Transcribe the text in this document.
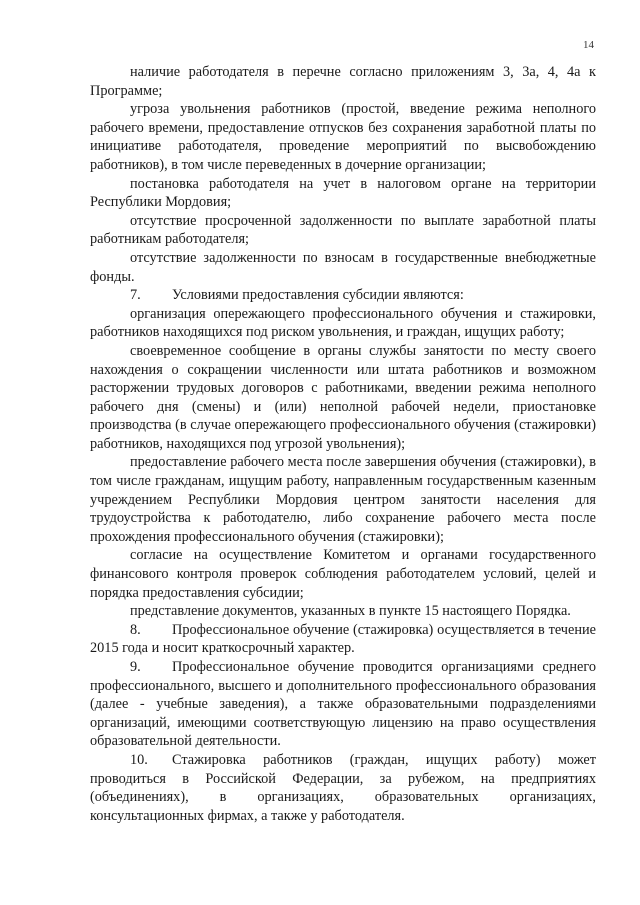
14

наличие работодателя в перечне согласно приложениям 3, 3а, 4, 4а к Программе;

угроза увольнения работников (простой, введение режима неполного рабочего времени, предоставление отпусков без сохранения заработной платы по инициативе работодателя, проведение мероприятий по высвобождению работников), в том числе переведенных в дочерние организации;

постановка работодателя на учет в налоговом органе на территории Республики Мордовия;

отсутствие просроченной задолженности по выплате заработной платы работникам работодателя;

отсутствие задолженности по взносам в государственные внебюджетные фонды.

7. Условиями предоставления субсидии являются:

организация опережающего профессионального обучения и стажировки, работников находящихся под риском увольнения, и граждан, ищущих работу;

своевременное сообщение в органы службы занятости по месту своего нахождения о сокращении численности или штата работников и возможном расторжении трудовых договоров с работниками, введении режима неполного рабочего дня (смены) и (или) неполной рабочей недели, приостановке производства (в случае опережающего профессионального обучения (стажировки) работников, находящихся под угрозой увольнения);

предоставление рабочего места после завершения обучения (стажировки), в том числе гражданам, ищущим работу, направленным государственным казенным учреждением Республики Мордовия центром занятости населения для трудоустройства к работодателю, либо сохранение рабочего места после прохождения профессионального обучения (стажировки);

согласие на осуществление Комитетом и органами государственного финансового контроля проверок соблюдения работодателем условий, целей и порядка предоставления субсидии;

представление документов, указанных в пункте 15 настоящего Порядка.

8. Профессиональное обучение (стажировка) осуществляется в течение 2015 года и носит краткосрочный характер.

9. Профессиональное обучение проводится организациями среднего профессионального, высшего и дополнительного профессионального образования (далее - учебные заведения), а также образовательными подразделениями организаций, имеющими соответствующую лицензию на право осуществления образовательной деятельности.

10. Стажировка работников (граждан, ищущих работу) может проводиться в Российской Федерации, за рубежом, на предприятиях (объединениях), в организациях, образовательных организациях, консультационных фирмах, а также у работодателя.
